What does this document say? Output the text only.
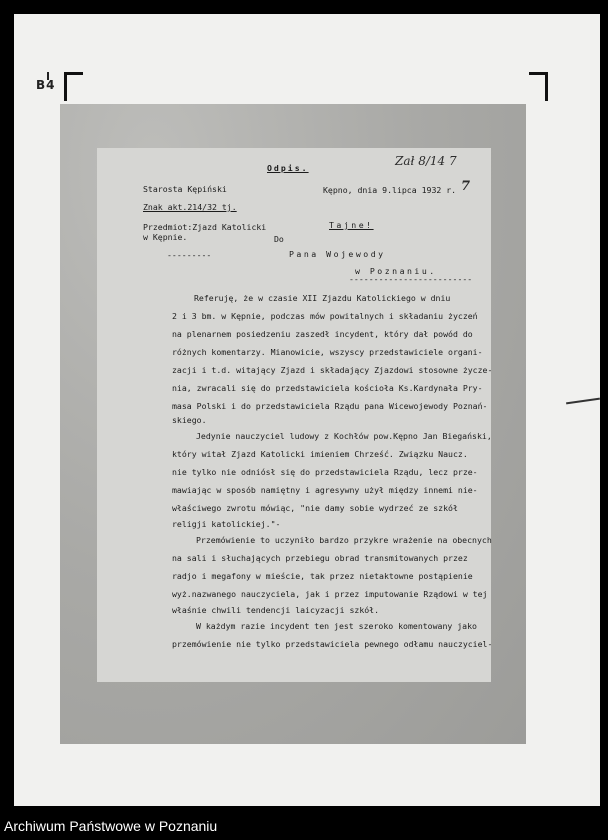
B4
Odpis.	Zał 8/14 7
Starosta Kępiński	Kępno, dnia 9.lipca 1932 r. 7
Znak akt.214/32 tj.
Tajne!
Przedmiot:Zjazd Katolicki
w Kępnie.	Do
---------	Pana Wojewody
w Poznaniu.
-------------------------
Referuję, że w czasie XII Zjazdu Katolickiego w dniu
2 i 3 bm. w Kępnie, podczas mów powitalnych i składaniu życzeń
na plenarnem posiedzeniu zaszedł incydent, który dał powód do
różnych komentarzy. Mianowicie, wszyscy przedstawiciele organi-
zacji i t.d. witający Zjazd i składający Zjazdowi stosowne życze-
nia, zwracali się do przedstawiciela kościoła Ks.Kardynała Pry-
masa Polski i do przedstawiciela Rządu pana Wicewojewody Poznań-
skiego.
Jedynie nauczyciel ludowy z Kochłów pow.Kępno Jan Biegański,
który witał Zjazd Katolicki imieniem Chrześć. Związku Naucz.
nie tylko nie odniósł się do przedstawiciela Rządu, lecz prze-
mawiając w sposób namiętny i agresywny użył między innemi nie-
właściwego zwrotu mówiąc, "nie damy sobie wydrzeć ze szkół
religji katolickiej."-
Przemówienie to uczyniło bardzo przykre wrażenie na obecnych
na sali i słuchających przebiegu obrad transmitowanych przez
radjo i megafony w mieście, tak przez nietaktowne postąpienie
wyż.nazwanego nauczyciela, jak i przez imputowanie Rządowi w tej
właśnie chwili tendencji laicyzacji szkół.
W każdym razie incydent ten jest szeroko komentowany jako
przemówienie nie tylko przedstawiciela pewnego odłamu nauczyciel-
Archiwum Państwowe w Poznaniu
